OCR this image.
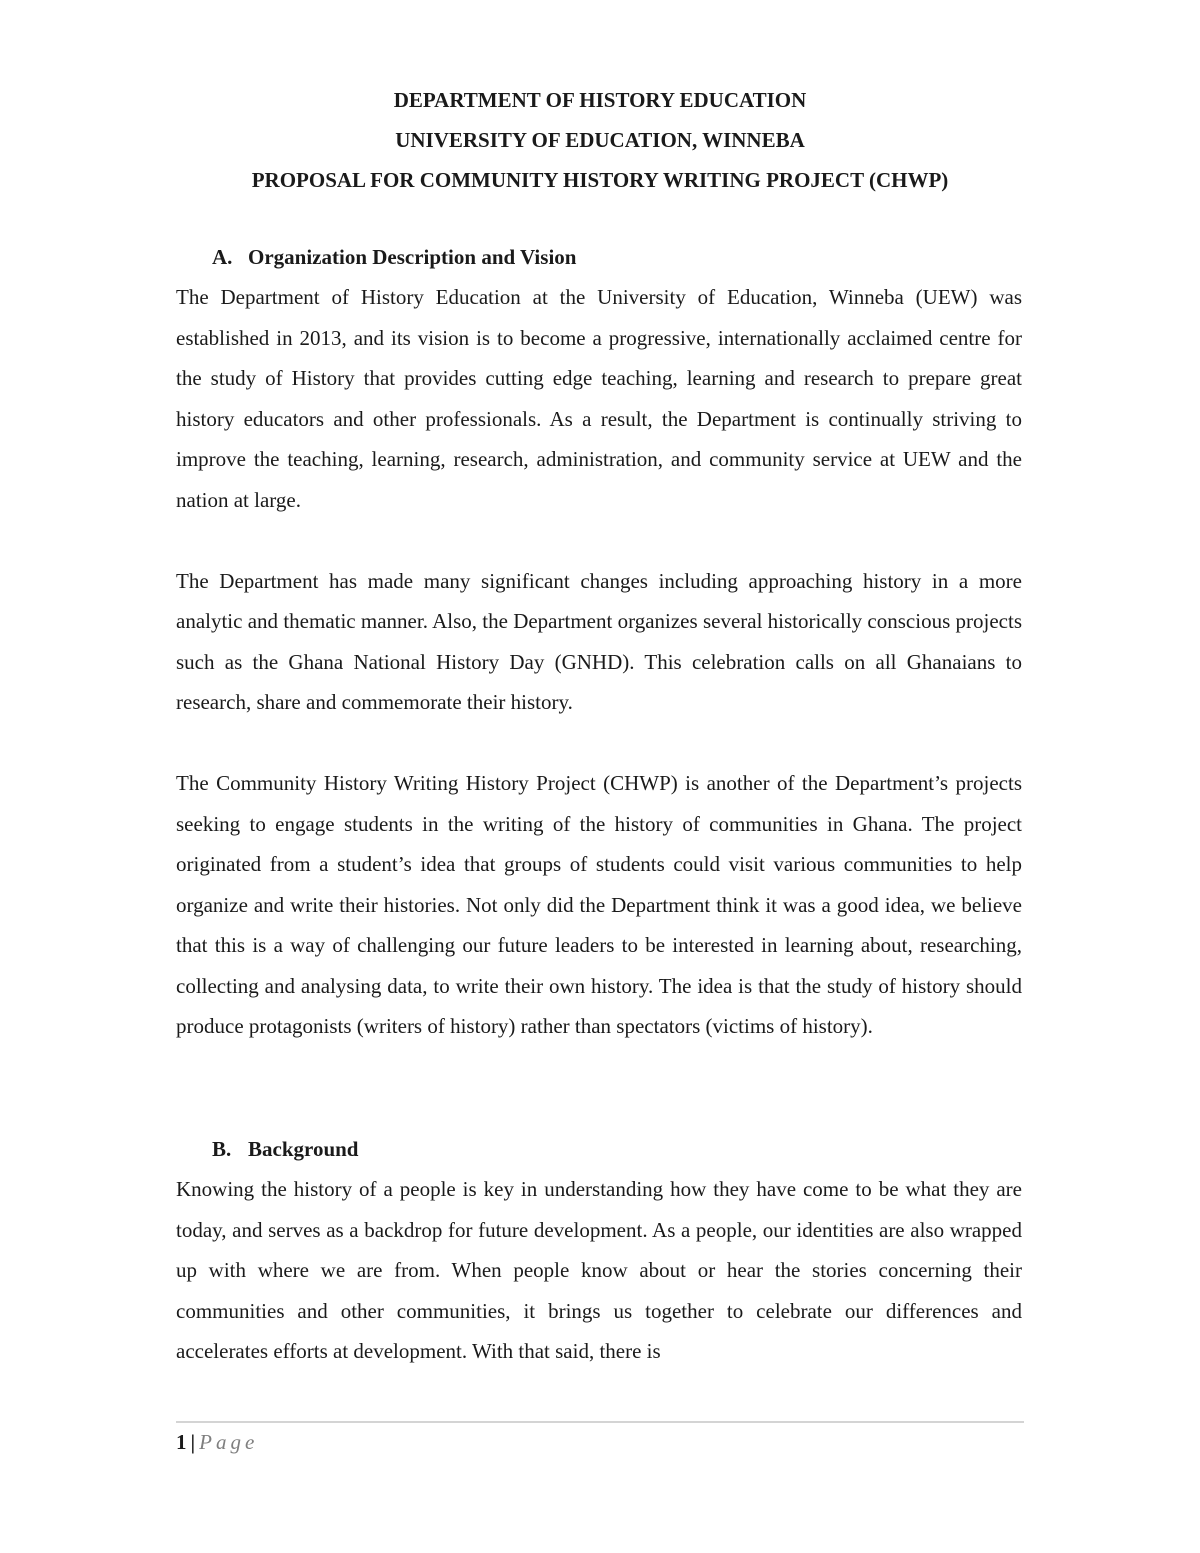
DEPARTMENT OF HISTORY EDUCATION
UNIVERSITY OF EDUCATION, WINNEBA
PROPOSAL FOR COMMUNITY HISTORY WRITING PROJECT (CHWP)
A. Organization Description and Vision

The Department of History Education at the University of Education, Winneba (UEW) was established in 2013, and its vision is to become a progressive, internationally acclaimed centre for the study of History that provides cutting edge teaching, learning and research to prepare great history educators and other professionals. As a result, the Department is continually striving to improve the teaching, learning, research, administration, and community service at UEW and the nation at large.

The Department has made many significant changes including approaching history in a more analytic and thematic manner. Also, the Department organizes several historically conscious projects such as the Ghana National History Day (GNHD). This celebration calls on all Ghanaians to research, share and commemorate their history.

The Community History Writing History Project (CHWP) is another of the Department’s projects seeking to engage students in the writing of the history of communities in Ghana. The project originated from a student’s idea that groups of students could visit various communities to help organize and write their histories. Not only did the Department think it was a good idea, we believe that this is a way of challenging our future leaders to be interested in learning about, researching, collecting and analysing data, to write their own history. The idea is that the study of history should produce protagonists (writers of history) rather than spectators (victims of history).

B. Background

Knowing the history of a people is key in understanding how they have come to be what they are today, and serves as a backdrop for future development. As a people, our identities are also wrapped up with where we are from. When people know about or hear the stories concerning their communities and other communities, it brings us together to celebrate our differences and accelerates efforts at development. With that said, there is

1 | Page
